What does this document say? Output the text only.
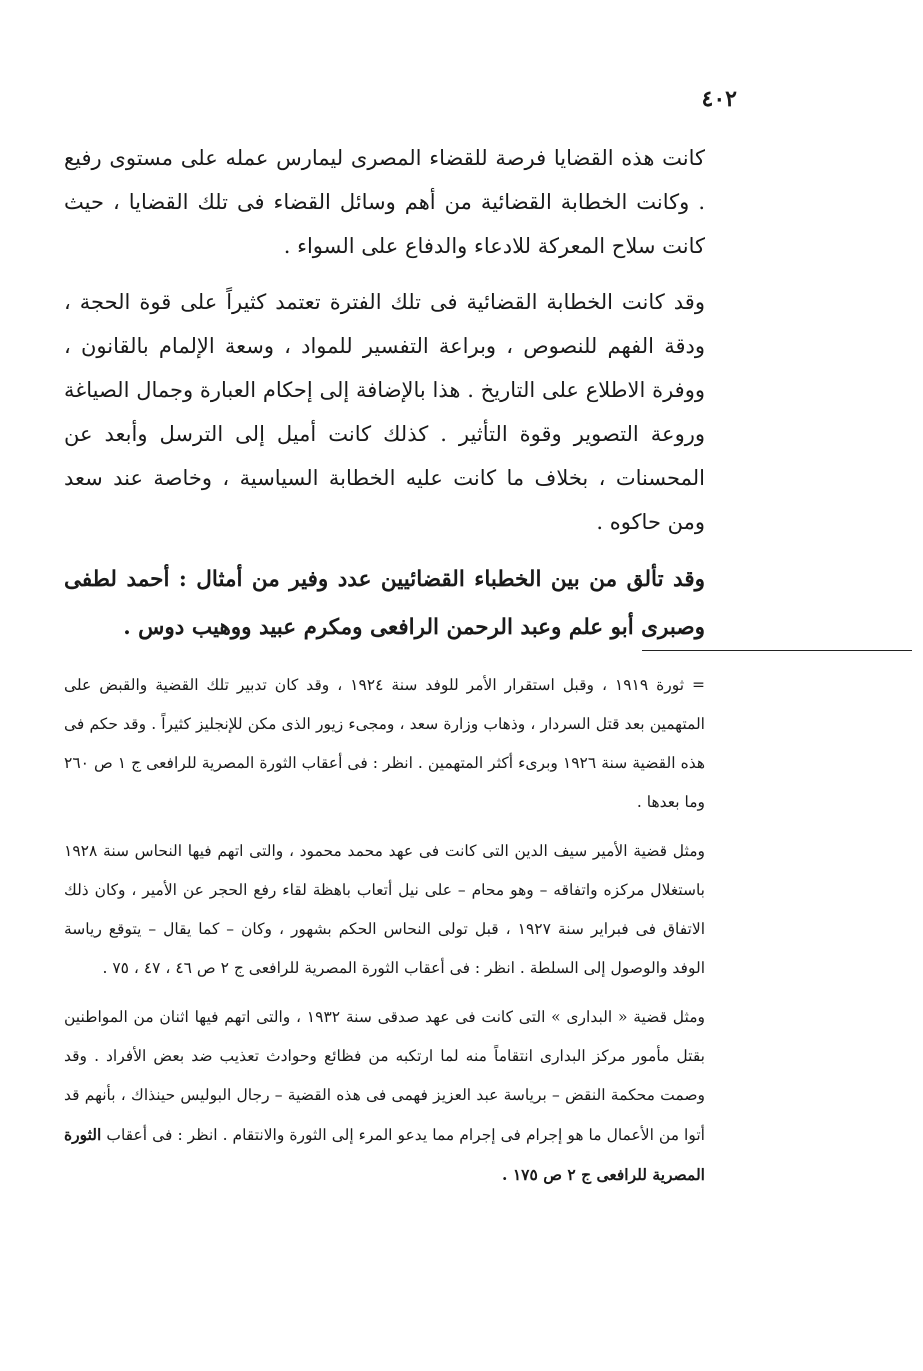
٤٠٢

كانت هذه القضايا فرصة للقضاء المصرى ليمارس عمله على مستوى رفيع . وكانت الخطابة القضائية من أهم وسائل القضاء فى تلك القضايا ، حيث كانت سلاح المعركة للادعاء والدفاع على السواء .

وقد كانت الخطابة القضائية فى تلك الفترة تعتمد كثيراً على قوة الحجة ، ودقة الفهم للنصوص ، وبراعة التفسير للمواد ، وسعة الإلمام بالقانون ، ووفرة الاطلاع على التاريخ . هذا بالإضافة إلى إحكام العبارة وجمال الصياغة وروعة التصوير وقوة التأثير . كذلك كانت أميل إلى الترسل وأبعد عن المحسنات ، بخلاف ما كانت عليه الخطابة السياسية ، وخاصة عند سعد ومن حاكوه .

وقد تألق من بين الخطباء القضائيين عدد وفير من أمثال : أحمد لطفى وصبرى أبو علم وعبد الرحمن الرافعى ومكرم عبيد ووهيب دوس .

= ثورة ١٩١٩ ، وقبل استقرار الأمر للوفد سنة ١٩٢٤ ، وقد كان تدبير تلك القضية والقبض على المتهمين بعد قتل السردار ، وذهاب وزارة سعد ، ومجىء زيور الذى مكن للإنجليز كثيراً . وقد حكم فى هذه القضية سنة ١٩٢٦ وبرىء أكثر المتهمين . انظر : فى أعقاب الثورة المصرية للرافعى ج ١ ص ٢٦٠ وما بعدها .

ومثل قضية الأمير سيف الدين التى كانت فى عهد محمد محمود ، والتى اتهم فيها النحاس سنة ١٩٢٨ باستغلال مركزه واتفاقه – وهو محام – على نيل أتعاب باهظة لقاء رفع الحجر عن الأمير ، وكان ذلك الاتفاق فى فبراير سنة ١٩٢٧ ، قبل تولى النحاس الحكم بشهور ، وكان – كما يقال – يتوقع رياسة الوفد والوصول إلى السلطة . انظر : فى أعقاب الثورة المصرية للرافعى ج ٢ ص ٤٦ ، ٤٧ ، ٧٥ .

ومثل قضية « البدارى » التى كانت فى عهد صدقى سنة ١٩٣٢ ، والتى اتهم فيها اثنان من المواطنين بقتل مأمور مركز البدارى انتقاماً منه لما ارتكبه من فظائع وحوادث تعذيب ضد بعض الأفراد . وقد وصمت محكمة النقض – برياسة عبد العزيز فهمى فى هذه القضية – رجال البوليس حينذاك ، بأنهم قد أتوا من الأعمال ما هو إجرام فى إجرام مما يدعو المرء إلى الثورة والانتقام . انظر : فى أعقاب الثورة المصرية للرافعى ج ٢ ص ١٧٥ .
